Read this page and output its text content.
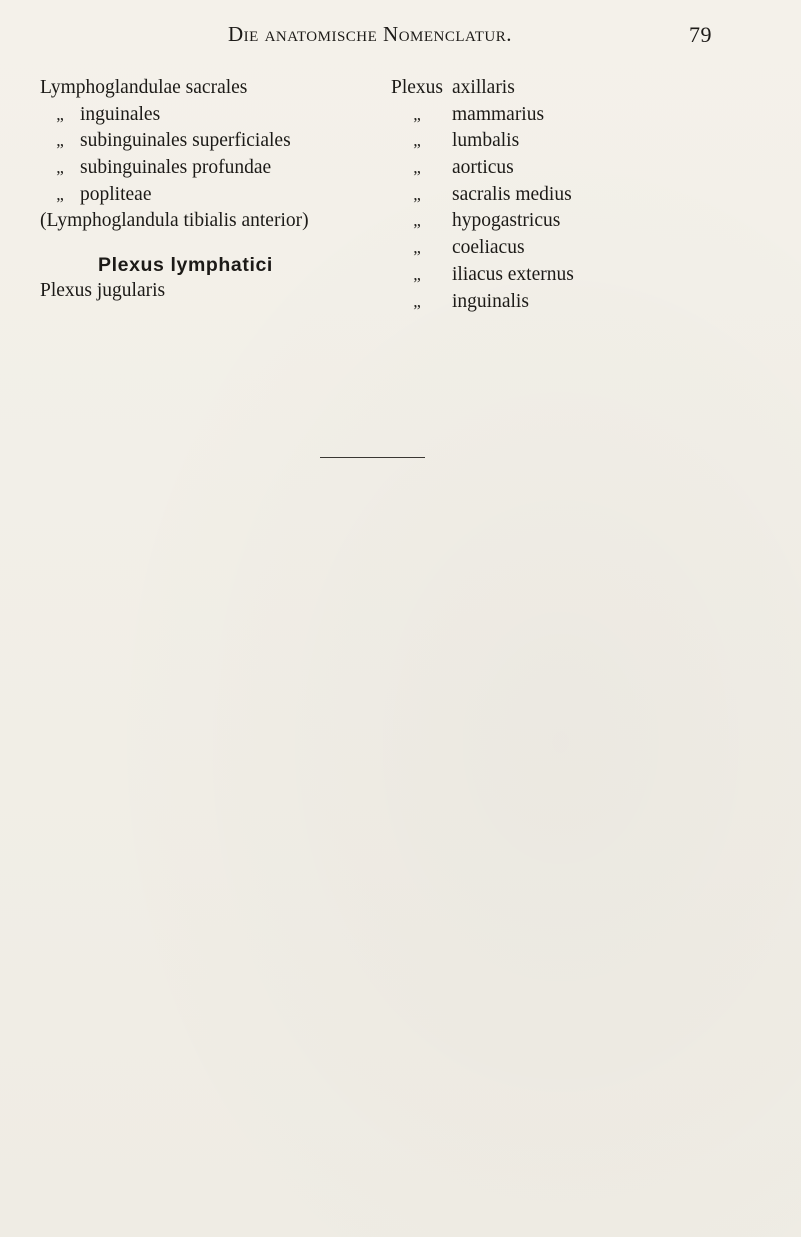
Die anatomische Nomenclatur.	79
Lymphoglandulae sacrales
„ inguinales
„ subinguinales superficiales
„ subinguinales profundae
„ popliteae
(Lymphoglandula tibialis anterior)
Plexus lymphatici
Plexus jugularis
Plexus axillaris
„ mammarius
„ lumbalis
„ aorticus
„ sacralis medius
„ hypogastricus
„ coeliacus
„ iliacus externus
„ inguinalis
